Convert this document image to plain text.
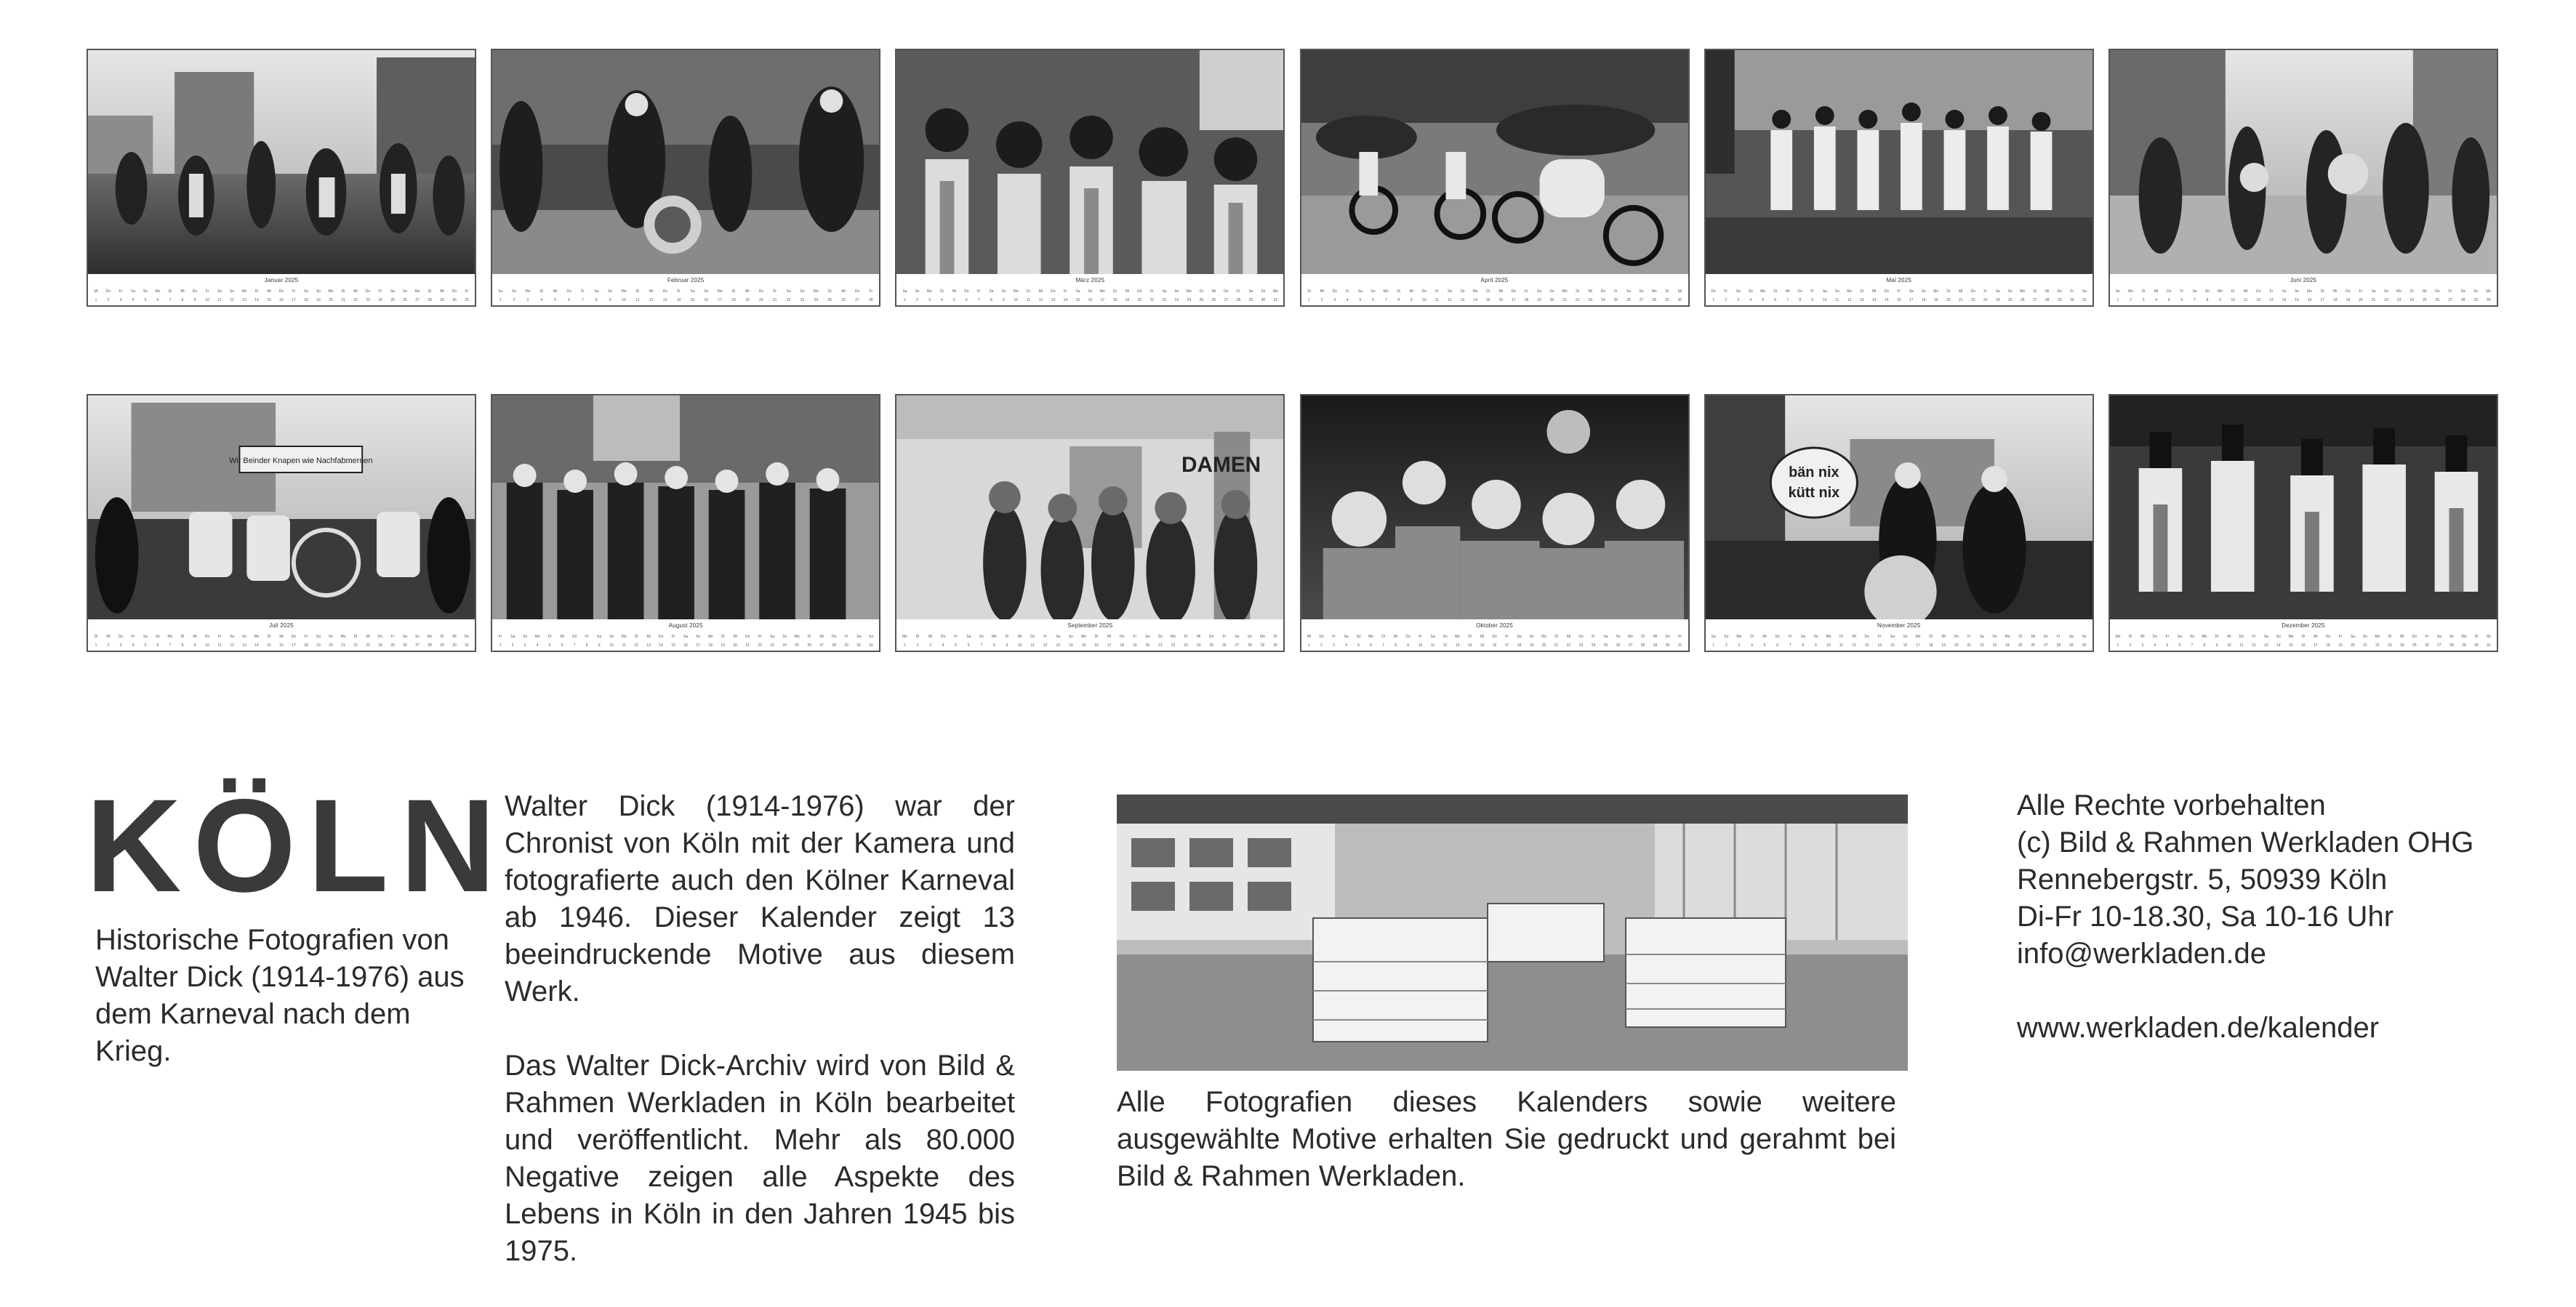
Januar 2025
Mi	Do	Fr	Sa	So	Mo	Di	Mi	Do	Fr	Sa	So	Mo	Di	Mi	Do	Fr	Sa	So	Mo	Di	Mi	Do	Fr	Sa	So	Mo	Di	Mi	Do	Fr
1	2	3	4	5	6	7	8	9	10	11	12	13	14	15	16	17	18	19	20	21	22	23	24	25	26	27	28	29	30	31
Februar 2025
Sa	So	Mo	Di	Mi	Do	Fr	Sa	So	Mo	Di	Mi	Do	Fr	Sa	So	Mo	Di	Mi	Do	Fr	Sa	So	Mo	Di	Mi	Do	Fr
1	2	3	4	5	6	7	8	9	10	11	12	13	14	15	16	17	18	19	20	21	22	23	24	25	26	27	28
März 2025
Sa	So	Mo	Di	Mi	Do	Fr	Sa	So	Mo	Di	Mi	Do	Fr	Sa	So	Mo	Di	Mi	Do	Fr	Sa	So	Mo	Di	Mi	Do	Fr	Sa	So	Mo
1	2	3	4	5	6	7	8	9	10	11	12	13	14	15	16	17	18	19	20	21	22	23	24	25	26	27	28	29	30	31
April 2025
Di	Mi	Do	Fr	Sa	So	Mo	Di	Mi	Do	Fr	Sa	So	Mo	Di	Mi	Do	Fr	Sa	So	Mo	Di	Mi	Do	Fr	Sa	So	Mo	Di	Mi
1	2	3	4	5	6	7	8	9	10	11	12	13	14	15	16	17	18	19	20	21	22	23	24	25	26	27	28	29	30
Mai 2025
Do	Fr	Sa	So	Mo	Di	Mi	Do	Fr	Sa	So	Mo	Di	Mi	Do	Fr	Sa	So	Mo	Di	Mi	Do	Fr	Sa	So	Mo	Di	Mi	Do	Fr	Sa
1	2	3	4	5	6	7	8	9	10	11	12	13	14	15	16	17	18	19	20	21	22	23	24	25	26	27	28	29	30	31
Juni 2025
So	Mo	Di	Mi	Do	Fr	Sa	So	Mo	Di	Mi	Do	Fr	Sa	So	Mo	Di	Mi	Do	Fr	Sa	So	Mo	Di	Mi	Do	Fr	Sa	So	Mo
1	2	3	4	5	6	7	8	9	10	11	12	13	14	15	16	17	18	19	20	21	22	23	24	25	26	27	28	29	30
Wir Beinder Knapen wie Nachfabmernen
Juli 2025
Di	Mi	Do	Fr	Sa	So	Mo	Di	Mi	Do	Fr	Sa	So	Mo	Di	Mi	Do	Fr	Sa	So	Mo	Di	Mi	Do	Fr	Sa	So	Mo	Di	Mi	Do
1	2	3	4	5	6	7	8	9	10	11	12	13	14	15	16	17	18	19	20	21	22	23	24	25	26	27	28	29	30	31
August 2025
Fr	Sa	So	Mo	Di	Mi	Do	Fr	Sa	So	Mo	Di	Mi	Do	Fr	Sa	So	Mo	Di	Mi	Do	Fr	Sa	So	Mo	Di	Mi	Do	Fr	Sa	So
1	2	3	4	5	6	7	8	9	10	11	12	13	14	15	16	17	18	19	20	21	22	23	24	25	26	27	28	29	30	31
DAMEN
September 2025
Mo	Di	Mi	Do	Fr	Sa	So	Mo	Di	Mi	Do	Fr	Sa	So	Mo	Di	Mi	Do	Fr	Sa	So	Mo	Di	Mi	Do	Fr	Sa	So	Mo	Di
1	2	3	4	5	6	7	8	9	10	11	12	13	14	15	16	17	18	19	20	21	22	23	24	25	26	27	28	29	30
Oktober 2025
Mi	Do	Fr	Sa	So	Mo	Di	Mi	Do	Fr	Sa	So	Mo	Di	Mi	Do	Fr	Sa	So	Mo	Di	Mi	Do	Fr	Sa	So	Mo	Di	Mi	Do	Fr
1	2	3	4	5	6	7	8	9	10	11	12	13	14	15	16	17	18	19	20	21	22	23	24	25	26	27	28	29	30	31
bän nix
kütt nix
November 2025
Sa	So	Mo	Di	Mi	Do	Fr	Sa	So	Mo	Di	Mi	Do	Fr	Sa	So	Mo	Di	Mi	Do	Fr	Sa	So	Mo	Di	Mi	Do	Fr	Sa	So
1	2	3	4	5	6	7	8	9	10	11	12	13	14	15	16	17	18	19	20	21	22	23	24	25	26	27	28	29	30
Dezember 2025
Mo	Di	Mi	Do	Fr	Sa	So	Mo	Di	Mi	Do	Fr	Sa	So	Mo	Di	Mi	Do	Fr	Sa	So	Mo	Di	Mi	Do	Fr	Sa	So	Mo	Di	Mi
1	2	3	4	5	6	7	8	9	10	11	12	13	14	15	16	17	18	19	20	21	22	23	24	25	26	27	28	29	30	31
KÖLN

Historische Fotografien von Walter Dick (1914-1976) aus dem Karneval nach dem Krieg.

Walter Dick (1914-1976) war der Chronist von Köln mit der Kamera und fotografierte auch den Kölner Karneval ab 1946. Dieser Kalender zeigt 13 beeindruckende Motive aus diesem Werk.

Das Walter Dick-Archiv wird von Bild & Rahmen Werkladen in Köln bearbeitet und veröffentlicht. Mehr als 80.000 Negative zeigen alle Aspekte des Lebens in Köln in den Jahren 1945 bis 1975.

Alle Fotografien dieses Kalenders sowie weitere ausgewählte Motive erhalten Sie gedruckt und gerahmt bei Bild & Rahmen Werkladen.

Alle Rechte vorbehalten
(c) Bild & Rahmen Werkladen OHG
Rennebergstr. 5, 50939 Köln
Di-Fr 10-18.30, Sa 10-16 Uhr
info@werkladen.de
www.werkladen.de/kalender
